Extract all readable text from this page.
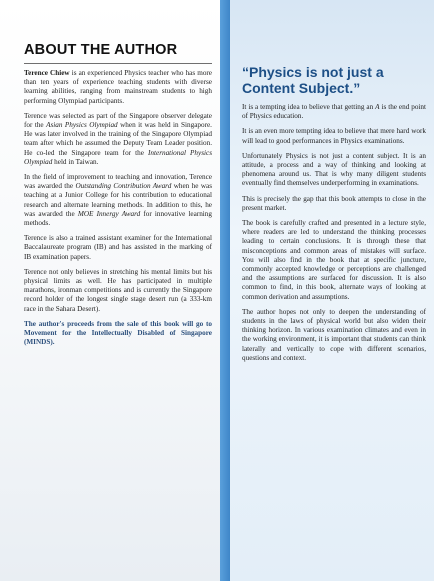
ABOUT THE AUTHOR

Terence Chiew is an experienced Physics teacher who has more than ten years of experience teaching students with diverse learning abilities, ranging from mainstream students to high performing Olympiad participants.

Terence was selected as part of the Singapore observer delegate for the Asian Physics Olympiad when it was held in Singapore. He was later involved in the training of the Singapore Olympiad team after which he assumed the Deputy Team Leader position. He co-led the Singapore team for the International Physics Olympiad held in Taiwan.

In the field of improvement to teaching and innovation, Terence was awarded the Outstanding Contribution Award when he was teaching at a Junior College for his contribution to educational research and alternate learning methods. In addition to this, he was awarded the MOE Innergy Award for innovative learning methods.

Terence is also a trained assistant examiner for the International Baccalaureate program (IB) and has assisted in the marking of IB examination papers.

Terence not only believes in stretching his mental limits but his physical limits as well. He has participated in multiple marathons, ironman competitions and is currently the Singapore record holder of the longest single stage desert run (a 333-km race in the Sahara Desert).

The author's proceeds from the sale of this book will go to Movement for the Intellectually Disabled of Singapore (MINDS).

“Physics is not just a Content Subject.”

It is a tempting idea to believe that getting an A is the end point of Physics education.

It is an even more tempting idea to believe that mere hard work will lead to good performances in Physics examinations.

Unfortunately Physics is not just a content subject. It is an attitude, a process and a way of thinking and looking at phenomena around us. That is why many diligent students eventually find themselves underperforming in examinations.

This is precisely the gap that this book attempts to close in the present market.

The book is carefully crafted and presented in a lecture style, where readers are led to understand the thinking processes leading to certain conclusions. It is through these that misconceptions and common areas of mistakes will surface. You will also find in the book that at specific juncture, commonly accepted knowledge or perceptions are challenged and the assumptions are surfaced for discussion. It is also common to find, in this book, alternate ways of looking at common derivation and assumptions.

The author hopes not only to deepen the understanding of students in the laws of physical world but also widen their thinking horizon. In various examination climates and even in the working environment, it is important that students can think laterally and vertically to cope with different scenarios, questions and context.
